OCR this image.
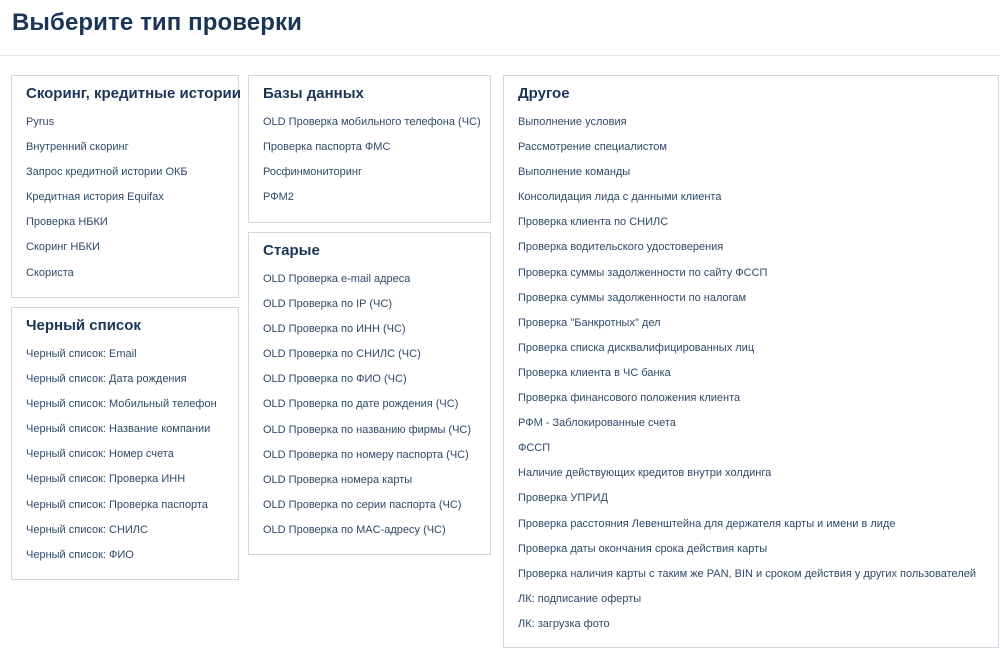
Выберите тип проверки
Скоринг, кредитные истории
Pyrus
Внутренний скоринг
Запрос кредитной истории ОКБ
Кредитная история Equifax
Проверка НБКИ
Скоринг НБКИ
Скориста
Черный список
Черный список: Email
Черный список: Дата рождения
Черный список: Мобильный телефон
Черный список: Название компании
Черный список: Номер счета
Черный список: Проверка ИНН
Черный список: Проверка паспорта
Черный список: СНИЛС
Черный список: ФИО
Базы данных
OLD Проверка мобильного телефона (ЧС)
Проверка паспорта ФМС
Росфинмониторинг
РФМ2
Старые
OLD Проверка e-mail адреса
OLD Проверка по IP (ЧС)
OLD Проверка по ИНН (ЧС)
OLD Проверка по СНИЛС (ЧС)
OLD Проверка по ФИО (ЧС)
OLD Проверка по дате рождения (ЧС)
OLD Проверка по названию фирмы (ЧС)
OLD Проверка по номеру паспорта (ЧС)
OLD Проверка номера карты
OLD Проверка по серии паспорта (ЧС)
OLD Проверка по MAC-адресу (ЧС)
Другое
Выполнение условия
Рассмотрение специалистом
Выполнение команды
Консолидация лида с данными клиента
Проверка клиента по СНИЛС
Проверка водительского удостоверения
Проверка суммы задолженности по сайту ФССП
Проверка суммы задолженности по налогам
Проверка "Банкротных" дел
Проверка списка дисквалифицированных лиц
Проверка клиента в ЧС банка
Проверка финансового положения клиента
РФМ - Заблокированные счета
ФССП
Наличие действующих кредитов внутри холдинга
Проверка УПРИД
Проверка расстояния Левенштейна для держателя карты и имени в лиде
Проверка даты окончания срока действия карты
Проверка наличия карты с таким же PAN, BIN и сроком действия у других пользователей
ЛК: подписание оферты
ЛК: загрузка фото
